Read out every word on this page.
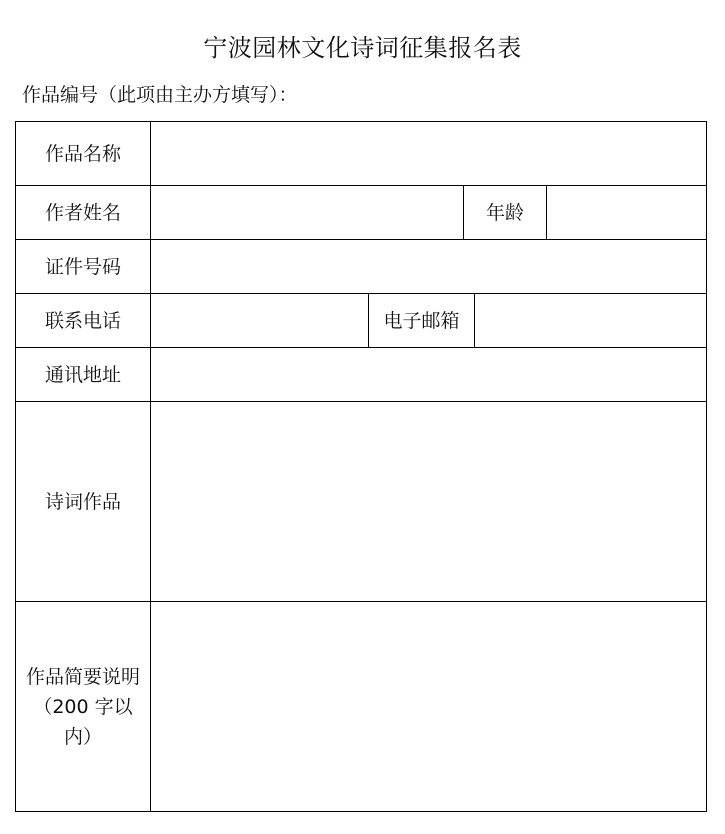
宁波园林文化诗词征集报名表
作品编号（此项由主办方填写）：
作品名称
作者姓名	年龄
证件号码
联系电话	电子邮箱
通讯地址
诗词作品
作品简要说明
（200 字以
内）
